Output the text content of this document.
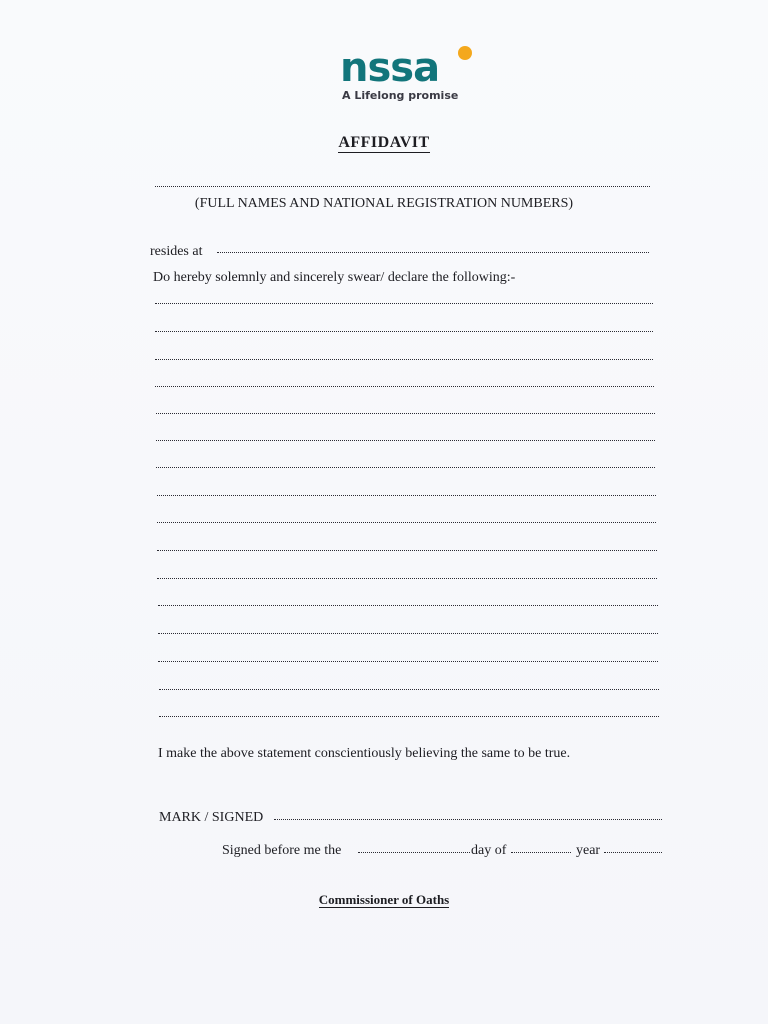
nssa
A Lifelong promise
AFFIDAVIT
(FULL NAMES AND NATIONAL REGISTRATION NUMBERS)
resides at
Do hereby solemnly and sincerely swear/ declare the following:-
I make the above statement conscientiously believing the same to be true.
MARK / SIGNED
Signed before me the	day of	year
Commissioner of Oaths
